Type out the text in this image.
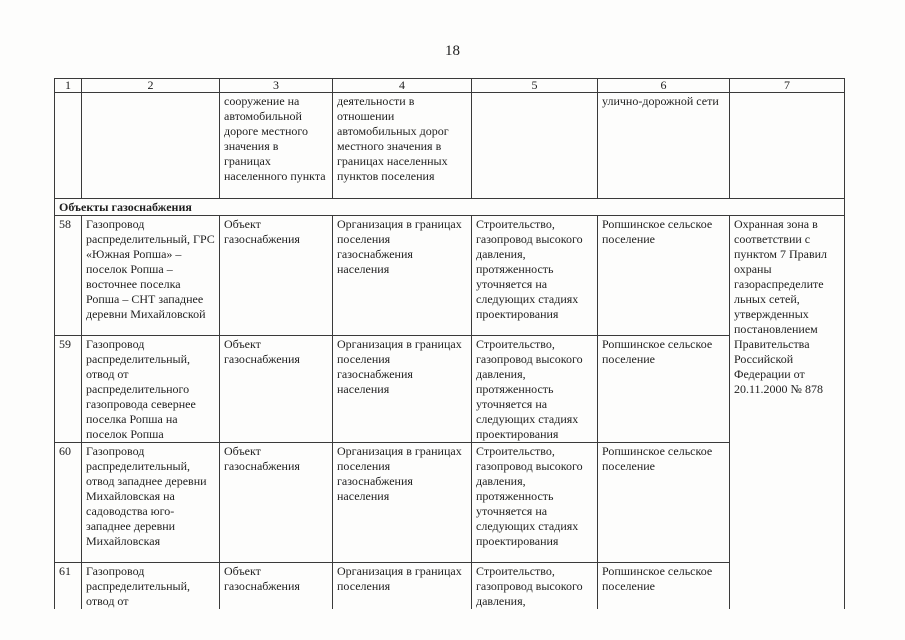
18
1	2	3	4	5	6	7
		сооружение на автомобильной дороге местного значения в границах населенного пункта	деятельности в отношении автомобильных дорог местного значения в границах населенных пунктов поселения		улично-дорожной сети	
Объекты газоснабжения						
58	Газопровод распределительный, ГРС «Южная Ропша» – поселок Ропша – восточнее поселка Ропша – СНТ западнее деревни Михайловской	Объект газоснабжения	Организация в границах поселения газоснабжения населения	Строительство, газопровод высокого давления, протяженность уточняется на следующих стадиях проектирования	Ропшинское сельское поселение	Охранная зона в соответствии с пунктом 7 Правил охраны газораспределите льных сетей, утвержденных постановлением Правительства Российской Федерации от 20.11.2000 № 878
59	Газопровод распределительный, отвод от распределительного газопровода севернее поселка Ропша на поселок Ропша	Объект газоснабжения	Организация в границах поселения газоснабжения населения	Строительство, газопровод высокого давления, протяженность уточняется на следующих стадиях проектирования	Ропшинское сельское поселение	
60	Газопровод распределительный, отвод западнее деревни Михайловская на садоводства юго-западнее деревни Михайловская	Объект газоснабжения	Организация в границах поселения газоснабжения населения	Строительство, газопровод высокого давления, протяженность уточняется на следующих стадиях проектирования	Ропшинское сельское поселение	
61	Газопровод распределительный, отвод от	Объект газоснабжения	Организация в границах поселения	Строительство, газопровод высокого давления,	Ропшинское сельское поселение	
